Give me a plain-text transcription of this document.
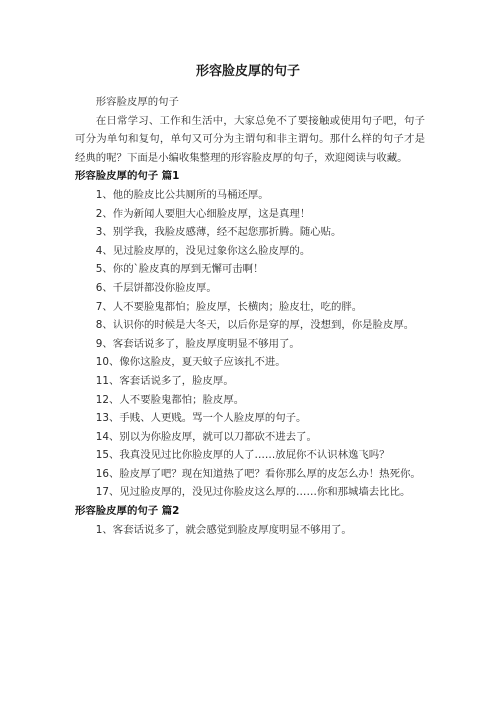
形容脸皮厚的句子

形容脸皮厚的句子

在日常学习、工作和生活中，大家总免不了要接触或使用句子吧，句子可分为单句和复句，单句又可分为主谓句和非主谓句。那什么样的句子才是经典的呢？下面是小编收集整理的形容脸皮厚的句子，欢迎阅读与收藏。

形容脸皮厚的句子 篇1

1、他的脸皮比公共厕所的马桶还厚。

2、作为新闻人要胆大心细脸皮厚，这是真理！

3、别学我，我脸皮感薄，经不起您那折腾。随心贴。

4、见过脸皮厚的，没见过象你这么脸皮厚的。

5、你的`脸皮真的厚到无懈可击啊！

6、千层饼都没你脸皮厚。

7、人不要脸鬼都怕；脸皮厚，长横肉；脸皮壮，吃的胖。

8、认识你的时候是大冬天，以后你是穿的厚，没想到，你是脸皮厚。

9、客套话说多了，脸皮厚度明显不够用了。

10、像你这脸皮，夏天蚊子应该扎不进。

11、客套话说多了，脸皮厚。

12、人不要脸鬼都怕；脸皮厚。

13、手贱、人更贱。骂一个人脸皮厚的句子。

14、别以为你脸皮厚，就可以刀都砍不进去了。

15、我真没见过比你脸皮厚的人了……放屁你不认识林逸飞吗？

16、脸皮厚了吧？现在知道热了吧？看你那么厚的皮怎么办！热死你。

17、见过脸皮厚的，没见过你脸皮这么厚的……你和那城墙去比比。

形容脸皮厚的句子 篇2

1、客套话说多了，就会感觉到脸皮厚度明显不够用了。
